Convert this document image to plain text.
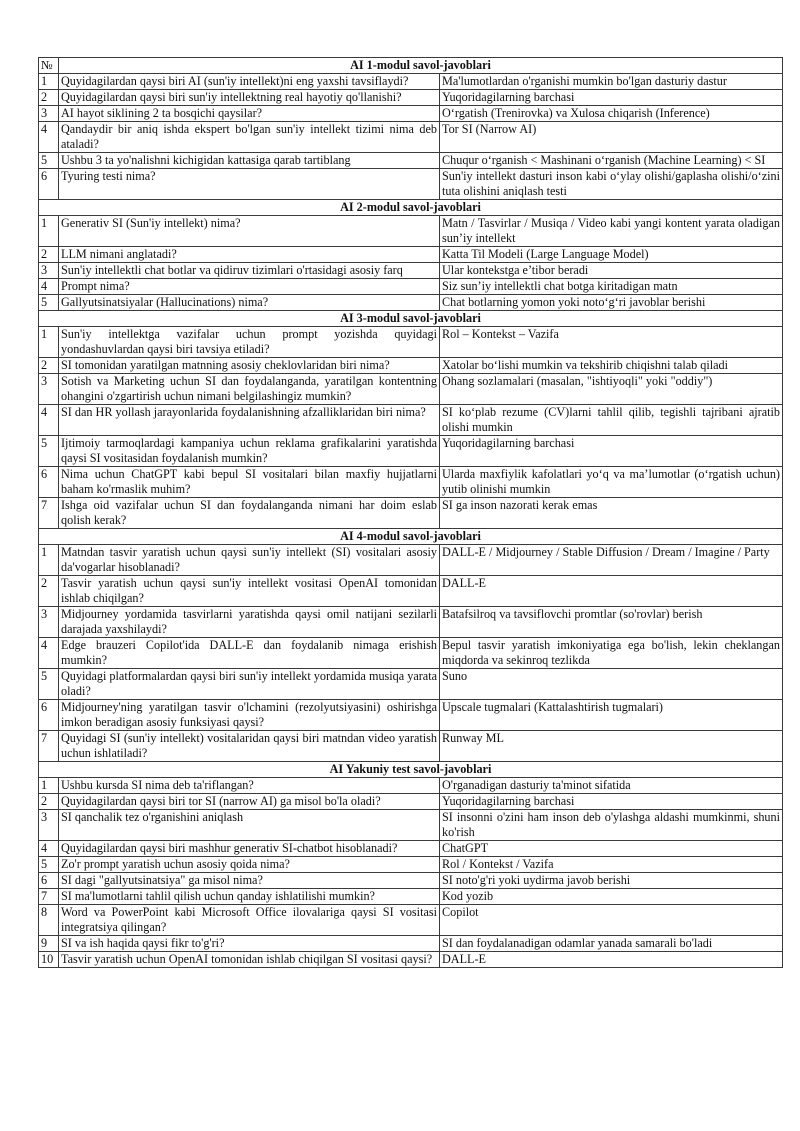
№	AI 1-modul savol-javoblari	
1	Quyidagilardan qaysi biri AI (sun'iy intellekt)ni eng yaxshi tavsiflaydi?	Ma'lumotlardan o'rganishi mumkin bo'lgan dasturiy dastur
2	Quyidagilardan qaysi biri sun'iy intellektning real hayotiy qo'llanishi?	Yuqoridagilarning barchasi
3	AI hayot siklining 2 ta bosqichi qaysilar?	O‘rgatish (Trenirovka) va Xulosa chiqarish (Inference)
4	Qandaydir bir aniq ishda ekspert bo'lgan sun'iy intellekt tizimi nima deb ataladi?	Tor SI (Narrow AI)
5	Ushbu 3 ta yo'nalishni kichigidan kattasiga qarab tartiblang	Chuqur o‘rganish < Mashinani o‘rganish (Machine Learning) < SI
6	Tyuring testi nima?	Sun'iy intellekt dasturi inson kabi o‘ylay olishi/gaplasha olishi/o‘zini tuta olishini aniqlash testi
AI 2-modul savol-javoblari		
1	Generativ SI (Sun'iy intellekt) nima?	Matn / Tasvirlar / Musiqa / Video kabi yangi kontent yarata oladigan sun’iy intellekt
2	LLM nimani anglatadi?	Katta Til Modeli (Large Language Model)
3	Sun'iy intellektli chat botlar va qidiruv tizimlari o'rtasidagi asosiy farq	Ular kontekstga e’tibor beradi
4	Prompt nima?	Siz sun’iy intellektli chat botga kiritadigan matn
5	Gallyutsinatsiyalar (Hallucinations) nima?	Chat botlarning yomon yoki noto‘g‘ri javoblar berishi
AI 3-modul savol-javoblari		
1	Sun'iy intellektga vazifalar uchun prompt yozishda quyidagi yondashuvlardan qaysi biri tavsiya etiladi?	Rol – Kontekst – Vazifa
2	SI tomonidan yaratilgan matnning asosiy cheklovlaridan biri nima?	Xatolar bo‘lishi mumkin va tekshirib chiqishni talab qiladi
3	Sotish va Marketing uchun SI dan foydalanganda, yaratilgan kontentning ohangini o'zgartirish uchun nimani belgilashingiz mumkin?	Ohang sozlamalari (masalan, "ishtiyoqli" yoki "oddiy")
4	SI dan HR yollash jarayonlarida foydalanishning afzalliklaridan biri nima?	SI ko‘plab rezume (CV)larni tahlil qilib, tegishli tajribani ajratib olishi mumkin
5	Ijtimoiy tarmoqlardagi kampaniya uchun reklama grafikalarini yaratishda qaysi SI vositasidan foydalanish mumkin?	Yuqoridagilarning barchasi
6	Nima uchun ChatGPT kabi bepul SI vositalari bilan maxfiy hujjatlarni baham ko'rmaslik muhim?	Ularda maxfiylik kafolatlari yo‘q va ma’lumotlar (o‘rgatish uchun) yutib olinishi mumkin
7	Ishga oid vazifalar uchun SI dan foydalanganda nimani har doim eslab qolish kerak?	SI ga inson nazorati kerak emas
AI 4-modul savol-javoblari		
1	Matndan tasvir yaratish uchun qaysi sun'iy intellekt (SI) vositalari asosiy da'vogarlar hisoblanadi?	DALL-E / Midjourney / Stable Diffusion / Dream / Imagine / Party
2	Tasvir yaratish uchun qaysi sun'iy intellekt vositasi OpenAI tomonidan ishlab chiqilgan?	DALL-E
3	Midjourney yordamida tasvirlarni yaratishda qaysi omil natijani sezilarli darajada yaxshilaydi?	Batafsilroq va tavsiflovchi promtlar (so'rovlar) berish
4	Edge brauzeri Copilot'ida DALL-E dan foydalanib nimaga erishish mumkin?	Bepul tasvir yaratish imkoniyatiga ega bo'lish, lekin cheklangan miqdorda va sekinroq tezlikda
5	Quyidagi platformalardan qaysi biri sun'iy intellekt yordamida musiqa yarata oladi?	Suno
6	Midjourney'ning yaratilgan tasvir o'lchamini (rezolyutsiyasini) oshirishga imkon beradigan asosiy funksiyasi qaysi?	Upscale tugmalari (Kattalashtirish tugmalari)
7	Quyidagi SI (sun'iy intellekt) vositalaridan qaysi biri matndan video yaratish uchun ishlatiladi?	Runway ML
AI Yakuniy test savol-javoblari		
1	Ushbu kursda SI nima deb ta'riflangan?	O'rganadigan dasturiy ta'minot sifatida
2	Quyidagilardan qaysi biri tor SI (narrow AI) ga misol bo'la oladi?	Yuqoridagilarning barchasi
3	SI qanchalik tez o'rganishini aniqlash	SI insonni o'zini ham inson deb o'ylashga aldashi mumkinmi, shuni ko'rish
4	Quyidagilardan qaysi biri mashhur generativ SI-chatbot hisoblanadi?	ChatGPT
5	Zo'r prompt yaratish uchun asosiy qoida nima?	Rol / Kontekst / Vazifa
6	SI dagi "gallyutsinatsiya" ga misol nima?	SI noto'g'ri yoki uydirma javob berishi
7	SI ma'lumotlarni tahlil qilish uchun qanday ishlatilishi mumkin?	Kod yozib
8	Word va PowerPoint kabi Microsoft Office ilovalariga qaysi SI vositasi integratsiya qilingan?	Copilot
9	SI va ish haqida qaysi fikr to'g'ri?	SI dan foydalanadigan odamlar yanada samarali bo'ladi
10	Tasvir yaratish uchun OpenAI tomonidan ishlab chiqilgan SI vositasi qaysi?	DALL-E
